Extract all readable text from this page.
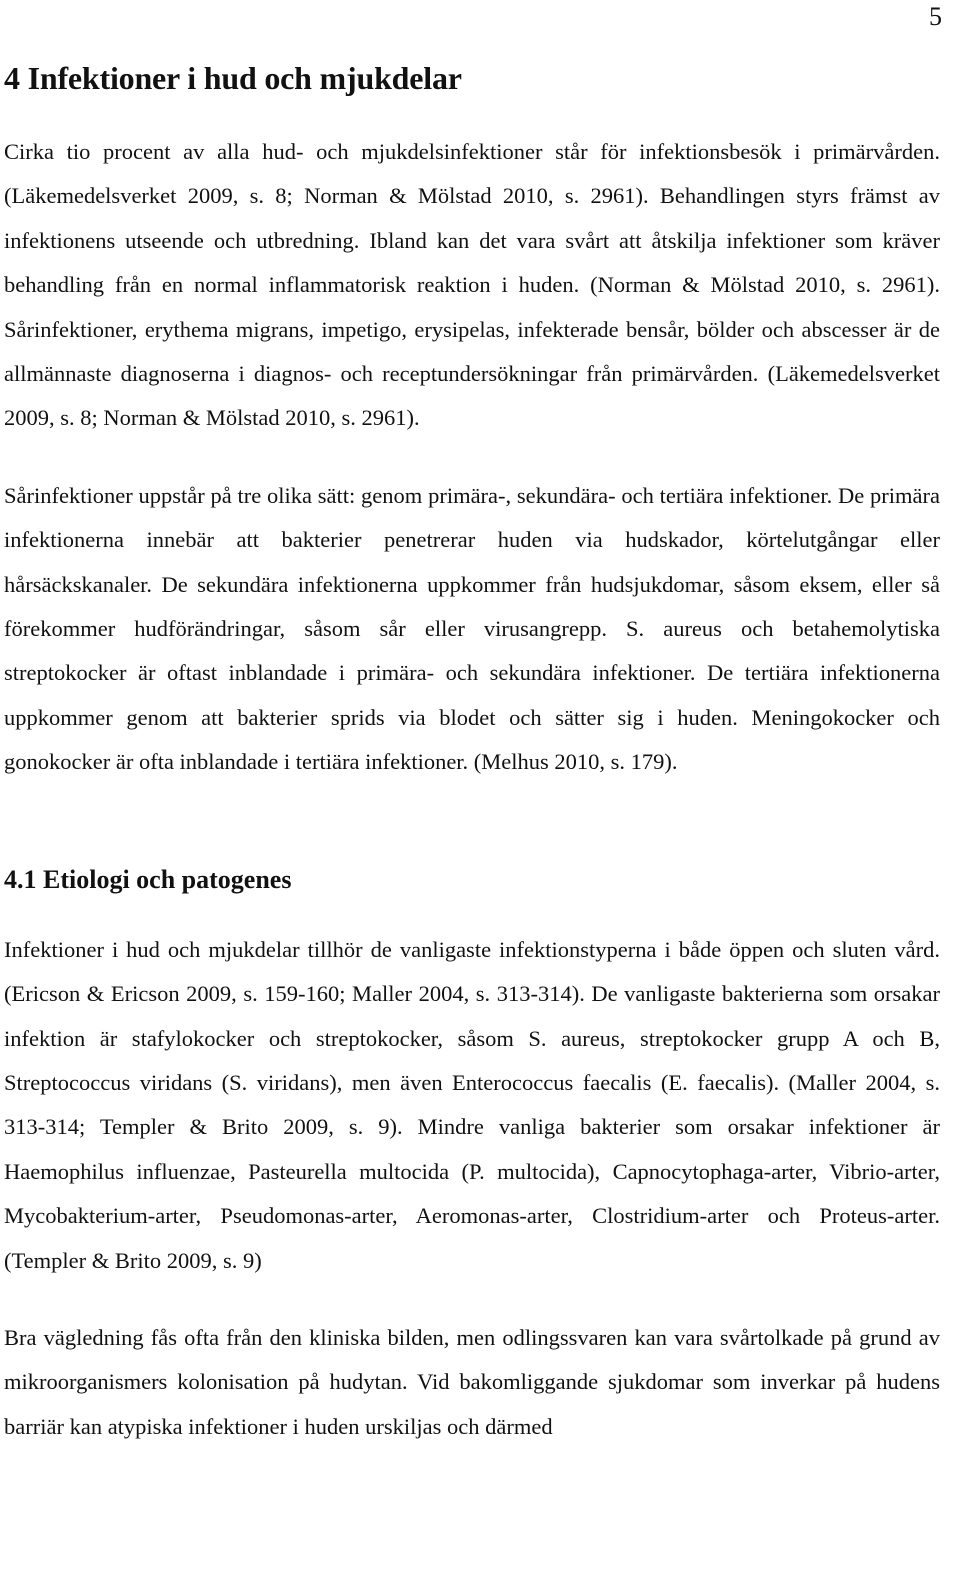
5
4 Infektioner i hud och mjukdelar

Cirka tio procent av alla hud- och mjukdelsinfektioner står för infektionsbesök i primärvården. (Läkemedelsverket 2009, s. 8; Norman & Mölstad 2010, s. 2961). Behandlingen styrs främst av infektionens utseende och utbredning. Ibland kan det vara svårt att åtskilja infektioner som kräver behandling från en normal inflammatorisk reaktion i huden. (Norman & Mölstad 2010, s. 2961). Sårinfektioner, erythema migrans, impetigo, erysipelas, infekterade bensår, bölder och abscesser är de allmännaste diagnoserna i diagnos- och receptundersökningar från primärvården. (Läkemedelsverket 2009, s. 8; Norman & Mölstad 2010, s. 2961).

Sårinfektioner uppstår på tre olika sätt: genom primära-, sekundära- och tertiära infektioner. De primära infektionerna innebär att bakterier penetrerar huden via hudskador, körtelutgångar eller hårsäckskanaler. De sekundära infektionerna uppkommer från hudsjukdomar, såsom eksem, eller så förekommer hudförändringar, såsom sår eller virusangrepp. S. aureus och betahemolytiska streptokocker är oftast inblandade i primära- och sekundära infektioner. De tertiära infektionerna uppkommer genom att bakterier sprids via blodet och sätter sig i huden. Meningokocker och gonokocker är ofta inblandade i tertiära infektioner. (Melhus 2010, s. 179).

4.1 Etiologi och patogenes

Infektioner i hud och mjukdelar tillhör de vanligaste infektionstyperna i både öppen och sluten vård. (Ericson & Ericson 2009, s. 159-160; Maller 2004, s. 313-314). De vanligaste bakterierna som orsakar infektion är stafylokocker och streptokocker, såsom S. aureus, streptokocker grupp A och B, Streptococcus viridans (S. viridans), men även Enterococcus faecalis (E. faecalis). (Maller 2004, s. 313-314; Templer & Brito 2009, s. 9). Mindre vanliga bakterier som orsakar infektioner är Haemophilus influenzae, Pasteurella multocida (P. multocida), Capnocytophaga-arter, Vibrio-arter, Mycobakterium-arter, Pseudomonas-arter, Aeromonas-arter, Clostridium-arter och Proteus-arter. (Templer & Brito 2009, s. 9)

Bra vägledning fås ofta från den kliniska bilden, men odlingssvaren kan vara svårtolkade på grund av mikroorganismers kolonisation på hudytan. Vid bakomliggande sjukdomar som inverkar på hudens barriär kan atypiska infektioner i huden urskiljas och därmed
